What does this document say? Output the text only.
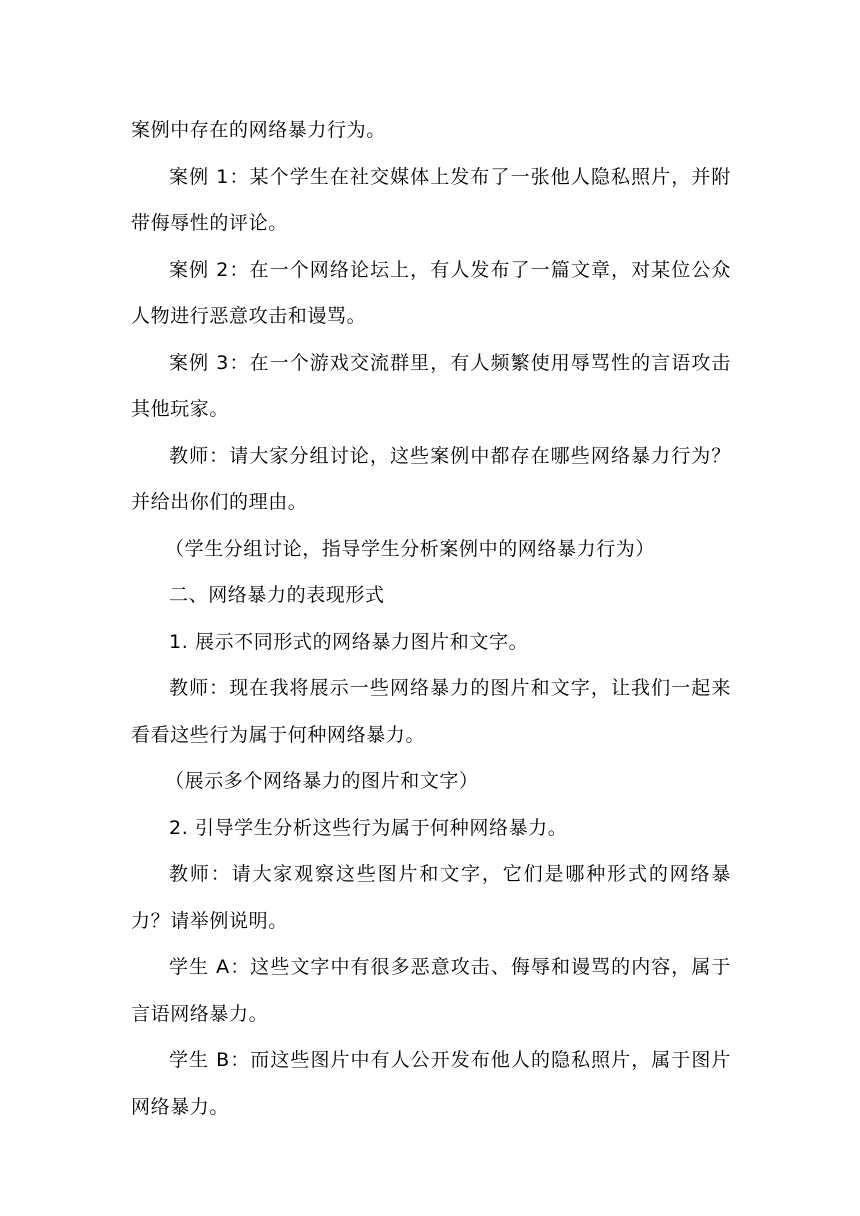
案例中存在的网络暴力行为。

案例 1：某个学生在社交媒体上发布了一张他人隐私照片，并附带侮辱性的评论。

案例 2：在一个网络论坛上，有人发布了一篇文章，对某位公众人物进行恶意攻击和谩骂。

案例 3：在一个游戏交流群里，有人频繁使用辱骂性的言语攻击其他玩家。

教师：请大家分组讨论，这些案例中都存在哪些网络暴力行为？并给出你们的理由。

（学生分组讨论，指导学生分析案例中的网络暴力行为）

二、网络暴力的表现形式

1. 展示不同形式的网络暴力图片和文字。

教师：现在我将展示一些网络暴力的图片和文字，让我们一起来看看这些行为属于何种网络暴力。

（展示多个网络暴力的图片和文字）

2. 引导学生分析这些行为属于何种网络暴力。

教师：请大家观察这些图片和文字，它们是哪种形式的网络暴力？请举例说明。

学生 A：这些文字中有很多恶意攻击、侮辱和谩骂的内容，属于言语网络暴力。

学生 B：而这些图片中有人公开发布他人的隐私照片，属于图片网络暴力。
